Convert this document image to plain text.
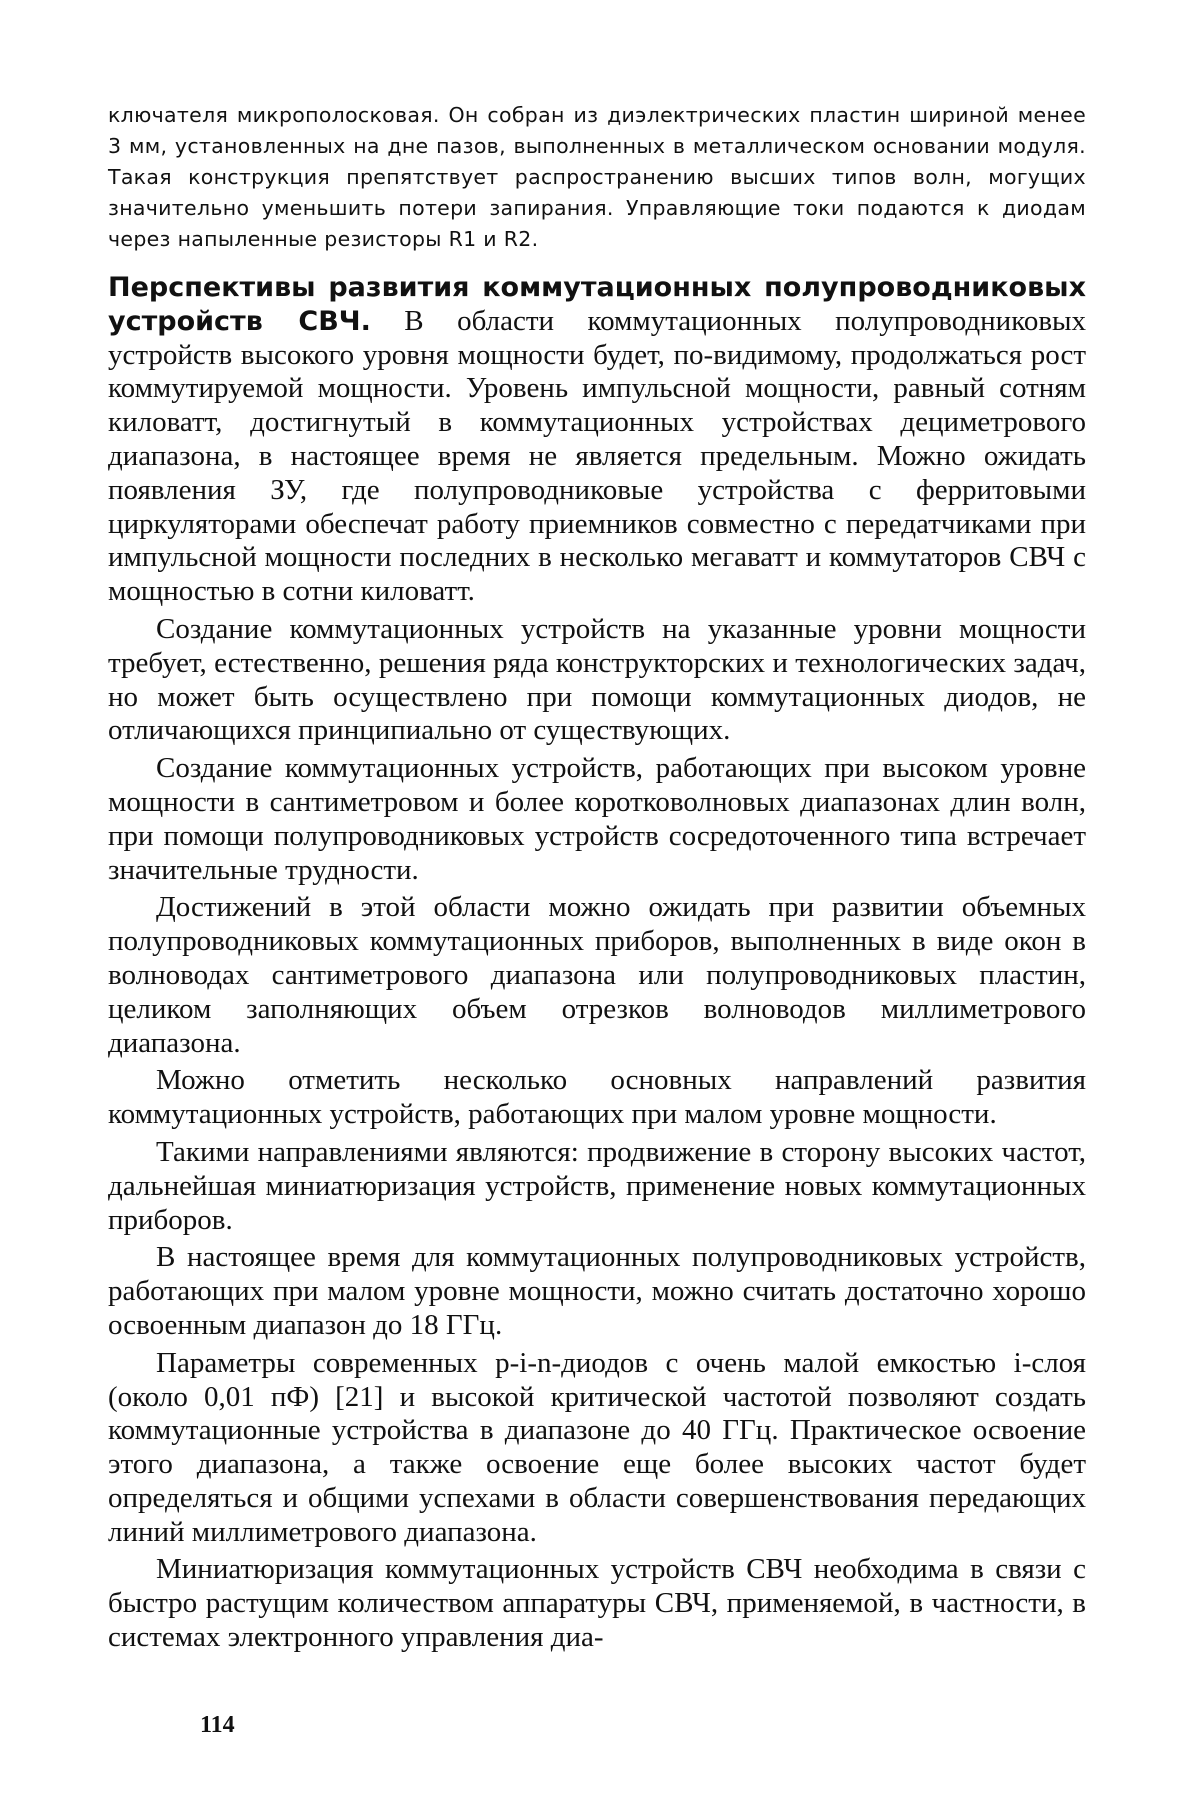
ключателя микрополосковая. Он собран из диэлектрических пластин шириной менее 3 мм, установленных на дне пазов, выполненных в металлическом основании модуля. Такая конструкция препятствует распространению высших типов волн, могущих значительно уменьшить потери запирания. Управляющие токи подаются к диодам через напыленные резисторы R1 и R2.

Перспективы развития коммутационных полупроводниковых устройств СВЧ. В области коммутационных полупроводниковых устройств высокого уровня мощности будет, по-видимому, продолжаться рост коммутируемой мощности. Уровень импульсной мощности, равный сотням киловатт, достигнутый в коммутационных устройствах дециметрового диапазона, в настоящее время не является предельным. Можно ожидать появления ЗУ, где полупроводниковые устройства с ферритовыми циркуляторами обеспечат работу приемников совместно с передатчиками при импульсной мощности последних в несколько мегаватт и коммутаторов СВЧ с мощностью в сотни киловатт.

Создание коммутационных устройств на указанные уровни мощности требует, естественно, решения ряда конструкторских и технологических задач, но может быть осуществлено при помощи коммутационных диодов, не отличающихся принципиально от существующих.

Создание коммутационных устройств, работающих при высоком уровне мощности в сантиметровом и более коротковолновых диапазонах длин волн, при помощи полупроводниковых устройств сосредоточенного типа встречает значительные трудности.

Достижений в этой области можно ожидать при развитии объемных полупроводниковых коммутационных приборов, выполненных в виде окон в волноводах сантиметрового диапазона или полупроводниковых пластин, целиком заполняющих объем отрезков волноводов миллиметрового диапазона.

Можно отметить несколько основных направлений развития коммутационных устройств, работающих при малом уровне мощности.

Такими направлениями являются: продвижение в сторону высоких частот, дальнейшая миниатюризация устройств, применение новых коммутационных приборов.

В настоящее время для коммутационных полупроводниковых устройств, работающих при малом уровне мощности, можно считать достаточно хорошо освоенным диапазон до 18 ГГц.

Параметры современных p-i-n-диодов с очень малой емкостью i-слоя (около 0,01 пФ) [21] и высокой критической частотой позволяют создать коммутационные устройства в диапазоне до 40 ГГц. Практическое освоение этого диапазона, а также освоение еще более высоких частот будет определяться и общими успехами в области совершенствования передающих линий миллиметрового диапазона.

Миниатюризация коммутационных устройств СВЧ необходима в связи с быстро растущим количеством аппаратуры СВЧ, применяемой, в частности, в системах электронного управления диа-

114
